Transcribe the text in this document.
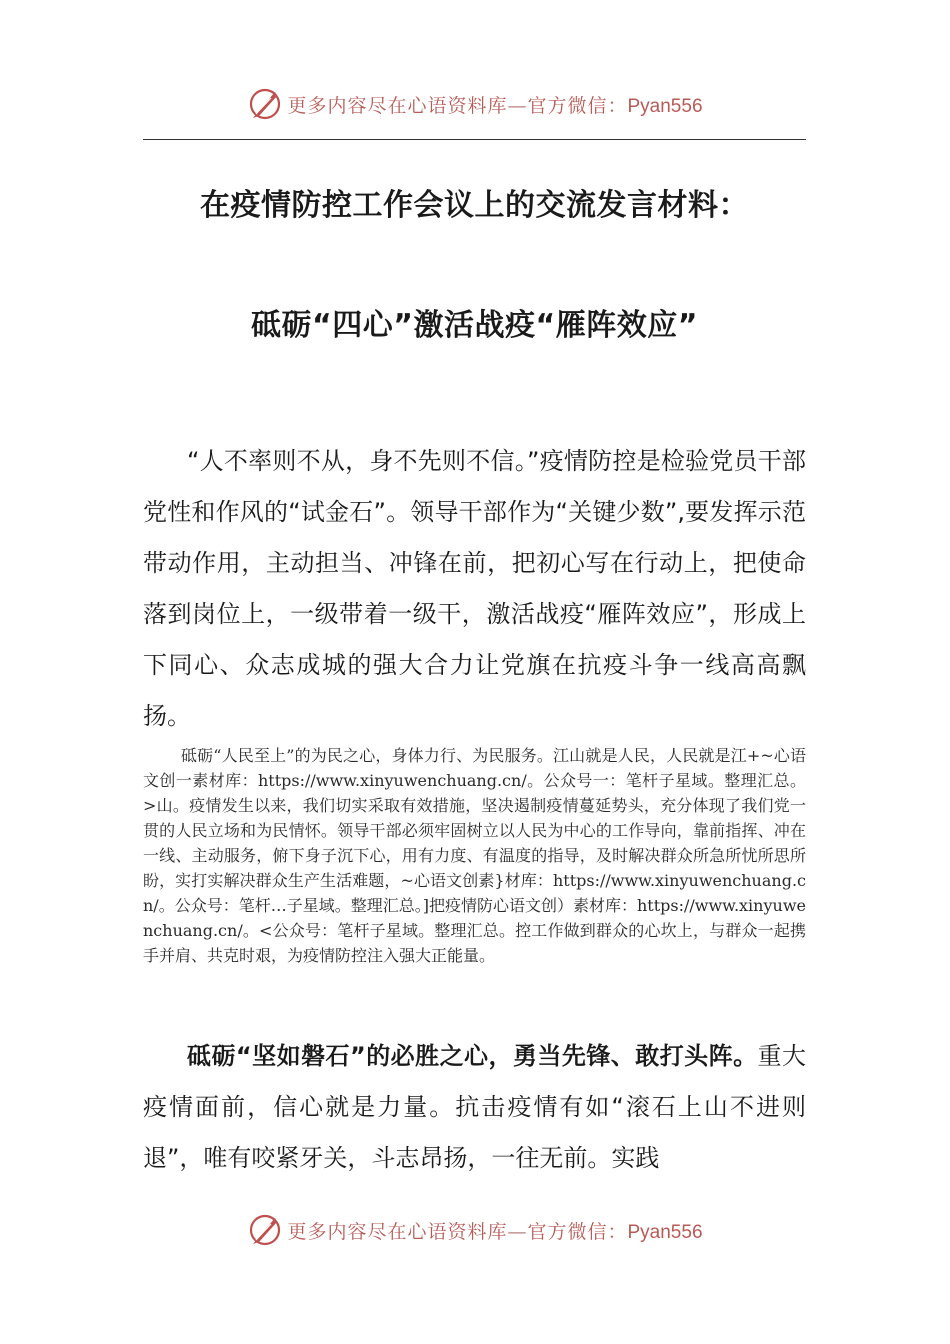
更多内容尽在心语资料库—官方微信：Pyan556
在疫情防控工作会议上的交流发言材料：
砥砺“四心”激活战疫“雁阵效应”

“人不率则不从，身不先则不信。”疫情防控是检验党员干部党性和作风的“试金石”。领导干部作为“关键少数”,要发挥示范带动作用，主动担当、冲锋在前，把初心写在行动上，把使命落到岗位上，一级带着一级干，激活战疫“雁阵效应”，形成上下同心、众志成城的强大合力让党旗在抗疫斗争一线高高飘扬。

砥砺“人民至上”的为民之心，身体力行、为民服务。江山就是人民，人民就是江+~心语文创一素材库：https://www.xinyuwenchuang.cn/。公众号一：笔杆子星域。整理汇总。>山。疫情发生以来，我们切实采取有效措施，坚决遏制疫情蔓延势头，充分体现了我们党一贯的人民立场和为民情怀。领导干部必须牢固树立以人民为中心的工作导向，靠前指挥、冲在一线、主动服务，俯下身子沉下心，用有力度、有温度的指导，及时解决群众所急所忧所思所盼，实打实解决群众生产生活难题，~心语文创素}材库：https://www.xinyuwenchuang.cn/。公众号：笔杆…子星域。整理汇总。]把疫情防心语文创）素材库：https://www.xinyuwenchuang.cn/。<公众号：笔杆子星域。整理汇总。控工作做到群众的心坎上，与群众一起携手并肩、共克时艰，为疫情防控注入强大正能量。

砥砺“坚如磐石”的必胜之心，勇当先锋、敢打头阵。重大疫情面前，信心就是力量。抗击疫情有如“滚石上山不进则退”，唯有咬紧牙关，斗志昂扬，一往无前。实践

更多内容尽在心语资料库—官方微信：Pyan556
